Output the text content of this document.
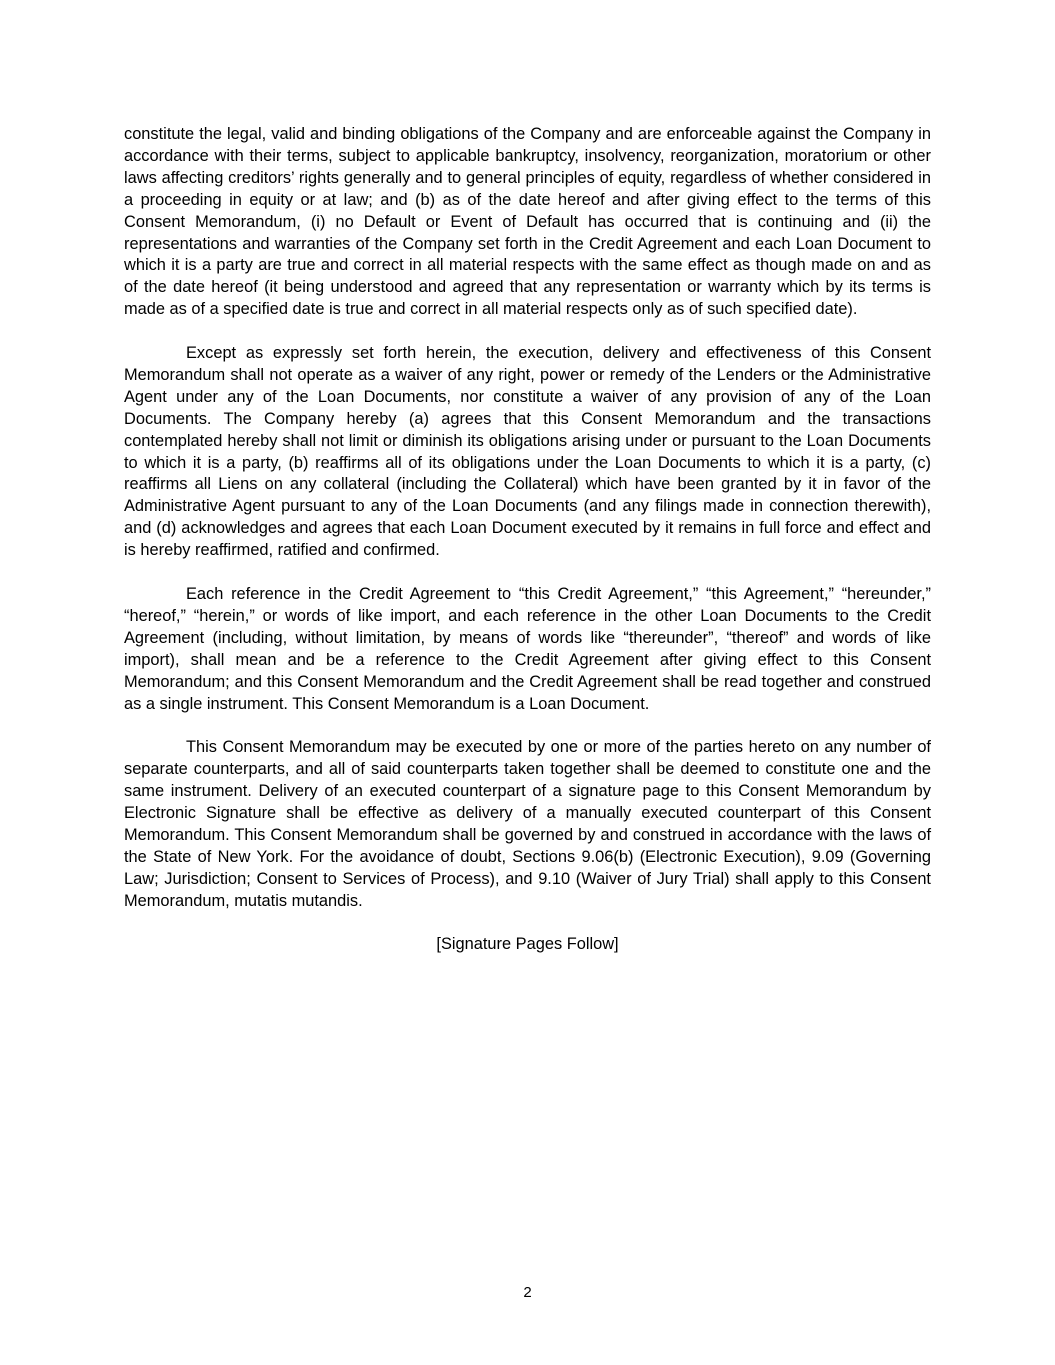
constitute the legal, valid and binding obligations of the Company and are enforceable against the Company in accordance with their terms, subject to applicable bankruptcy, insolvency, reorganization, moratorium or other laws affecting creditors’ rights generally and to general principles of equity, regardless of whether considered in a proceeding in equity or at law; and (b) as of the date hereof and after giving effect to the terms of this Consent Memorandum, (i) no Default or Event of Default has occurred that is continuing and (ii) the representations and warranties of the Company set forth in the Credit Agreement and each Loan Document to which it is a party are true and correct in all material respects with the same effect as though made on and as of the date hereof (it being understood and agreed that any representation or warranty which by its terms is made as of a specified date is true and correct in all material respects only as of such specified date).

Except as expressly set forth herein, the execution, delivery and effectiveness of this Consent Memorandum shall not operate as a waiver of any right, power or remedy of the Lenders or the Administrative Agent under any of the Loan Documents, nor constitute a waiver of any provision of any of the Loan Documents. The Company hereby (a) agrees that this Consent Memorandum and the transactions contemplated hereby shall not limit or diminish its obligations arising under or pursuant to the Loan Documents to which it is a party, (b) reaffirms all of its obligations under the Loan Documents to which it is a party, (c) reaffirms all Liens on any collateral (including the Collateral) which have been granted by it in favor of the Administrative Agent pursuant to any of the Loan Documents (and any filings made in connection therewith), and (d) acknowledges and agrees that each Loan Document executed by it remains in full force and effect and is hereby reaffirmed, ratified and confirmed.

Each reference in the Credit Agreement to “this Credit Agreement,” “this Agreement,” “hereunder,” “hereof,” “herein,” or words of like import, and each reference in the other Loan Documents to the Credit Agreement (including, without limitation, by means of words like “thereunder”, “thereof” and words of like import), shall mean and be a reference to the Credit Agreement after giving effect to this Consent Memorandum; and this Consent Memorandum and the Credit Agreement shall be read together and construed as a single instrument. This Consent Memorandum is a Loan Document.

This Consent Memorandum may be executed by one or more of the parties hereto on any number of separate counterparts, and all of said counterparts taken together shall be deemed to constitute one and the same instrument. Delivery of an executed counterpart of a signature page to this Consent Memorandum by Electronic Signature shall be effective as delivery of a manually executed counterpart of this Consent Memorandum. This Consent Memorandum shall be governed by and construed in accordance with the laws of the State of New York. For the avoidance of doubt, Sections 9.06(b) (Electronic Execution), 9.09 (Governing Law; Jurisdiction; Consent to Services of Process), and 9.10 (Waiver of Jury Trial) shall apply to this Consent Memorandum, mutatis mutandis.

[Signature Pages Follow]

2
